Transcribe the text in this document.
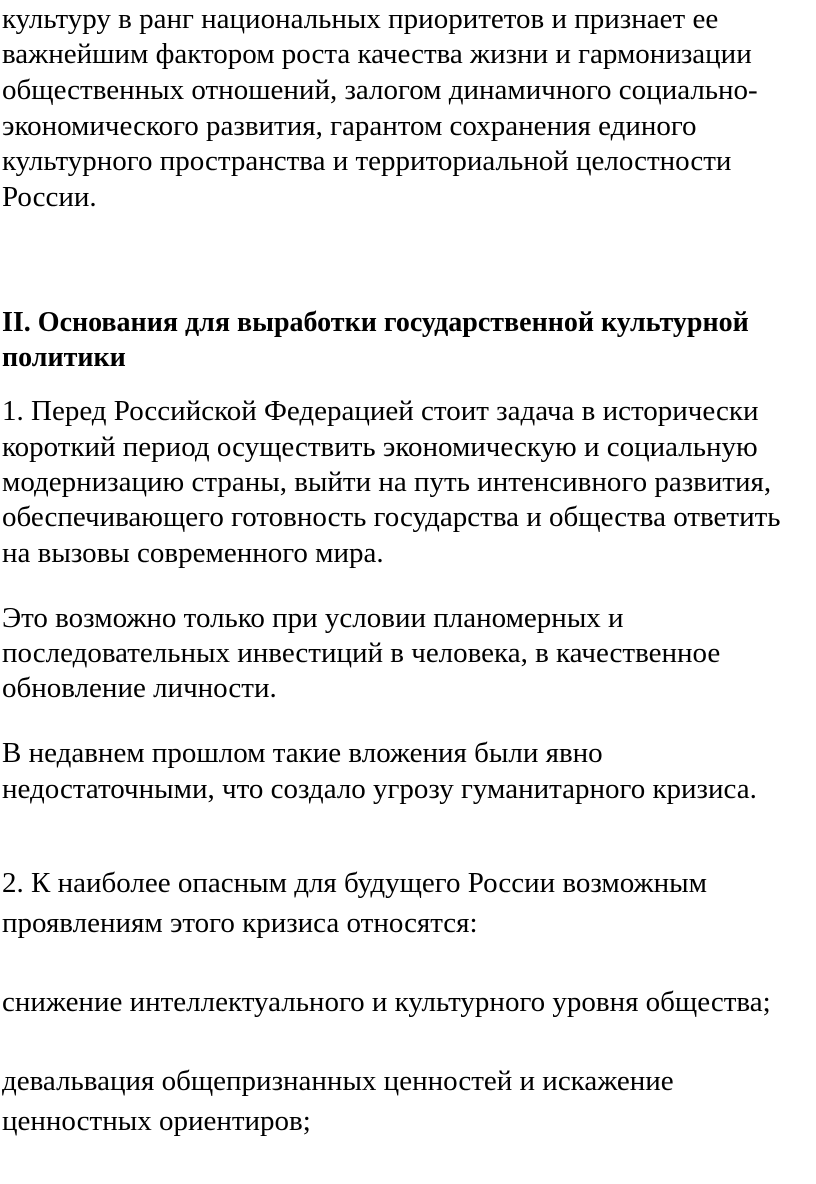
культуру в ранг национальных приоритетов и признает ее
важнейшим фактором роста качества жизни и гармонизации
общественных отношений, залогом динамичного социально-
экономического развития, гарантом сохранения единого
культурного пространства и территориальной целостности
России.
II. Основания для выработки государственной культурной
политики
1. Перед Российской Федерацией стоит задача в исторически
короткий период осуществить экономическую и социальную
модернизацию страны, выйти на путь интенсивного развития,
обеспечивающего готовность государства и общества ответить
на вызовы современного мира.
Это возможно только при условии планомерных и
последовательных инвестиций в человека, в качественное
обновление личности.
В недавнем прошлом такие вложения были явно
недостаточными, что создало угрозу гуманитарного кризиса.
2. К наиболее опасным для будущего России возможным
проявлениям этого кризиса относятся:
снижение интеллектуального и культурного уровня общества;
девальвация общепризнанных ценностей и искажение
ценностных ориентиров;
